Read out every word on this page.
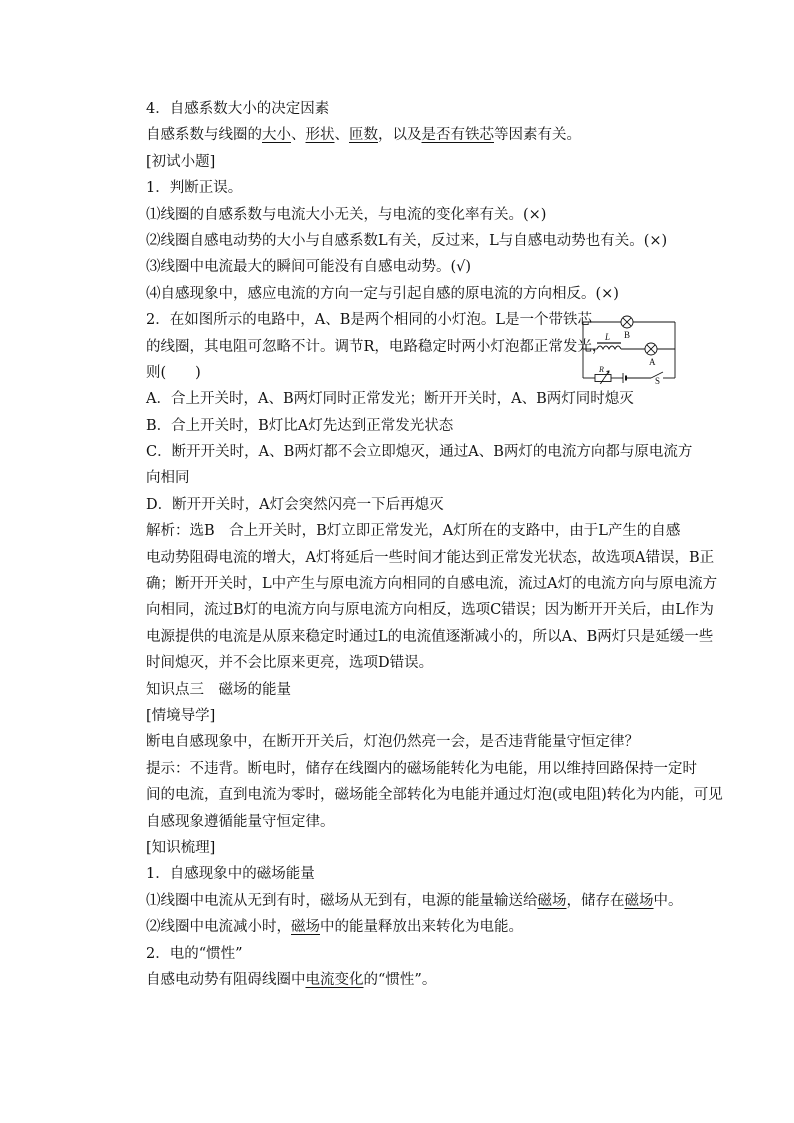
4．自感系数大小的决定因素
自感系数与线圈的大小、形状、匝数，以及是否有铁芯等因素有关。
[初试小题]
1．判断正误。
⑴线圈的自感系数与电流大小无关，与电流的变化率有关。(×)
⑵线圈自感电动势的大小与自感系数L有关，反过来，L与自感电动势也有关。(×)
⑶线圈中电流最大的瞬间可能没有自感电动势。(√)
⑷自感现象中，感应电流的方向一定与引起自感的原电流的方向相反。(×)
2．在如图所示的电路中，A、B是两个相同的小灯泡。L是一个带铁芯
的线圈，其电阻可忽略不计。调节R，电路稳定时两小灯泡都正常发光，
则(　　)
A．合上开关时，A、B两灯同时正常发光；断开开关时，A、B两灯同时熄灭
B．合上开关时，B灯比A灯先达到正常发光状态
C．断开开关时，A、B两灯都不会立即熄灭，通过A、B两灯的电流方向都与原电流方
向相同
D．断开开关时，A灯会突然闪亮一下后再熄灭
解析：选B　合上开关时，B灯立即正常发光，A灯所在的支路中，由于L产生的自感
电动势阻碍电流的增大，A灯将延后一些时间才能达到正常发光状态，故选项A错误，B正
确；断开开关时，L中产生与原电流方向相同的自感电流，流过A灯的电流方向与原电流方
向相同，流过B灯的电流方向与原电流方向相反，选项C错误；因为断开开关后，由L作为
电源提供的电流是从原来稳定时通过L的电流值逐渐减小的，所以A、B两灯只是延缓一些
时间熄灭，并不会比原来更亮，选项D错误。
知识点三　磁场的能量
[情境导学]
断电自感现象中，在断开开关后，灯泡仍然亮一会，是否违背能量守恒定律？
提示：不违背。断电时，储存在线圈内的磁场能转化为电能，用以维持回路保持一定时
间的电流，直到电流为零时，磁场能全部转化为电能并通过灯泡(或电阻)转化为内能，可见
自感现象遵循能量守恒定律。
[知识梳理]
1．自感现象中的磁场能量
⑴线圈中电流从无到有时，磁场从无到有，电源的能量输送给磁场，储存在磁场中。
⑵线圈中电流减小时，磁场中的能量释放出来转化为电能。
2．电的“惯性”
自感电动势有阻碍线圈中电流变化的“惯性”。
B
A
L
R
S
